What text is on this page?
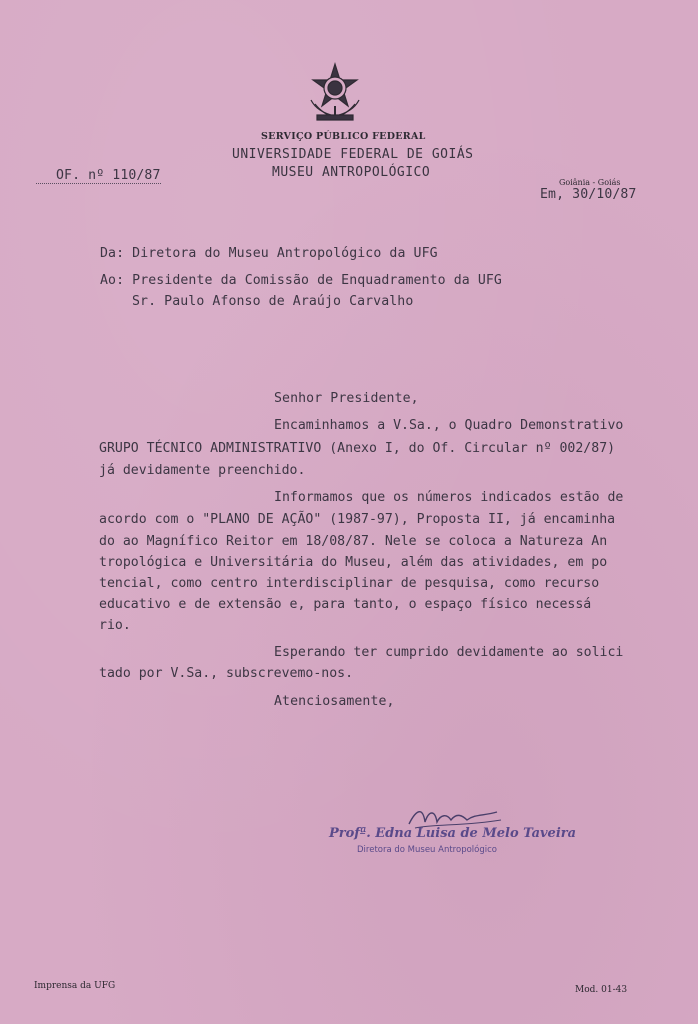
SERVIÇO PÚBLICO FEDERAL
UNIVERSIDADE FEDERAL DE GOIÁS
MUSEU ANTROPOLÓGICO
OF. nº 110/87	Goiânia - Goiás
Em, 30/10/87
Da: Diretora do Museu Antropológico da UFG
Ao: Presidente da Comissão de Enquadramento da UFG
Sr. Paulo Afonso de Araújo Carvalho
Senhor Presidente,
Encaminhamos a V.Sa., o Quadro Demonstrativo
GRUPO TÉCNICO ADMINISTRATIVO (Anexo I, do Of. Circular nº 002/87)
já devidamente preenchido.
Informamos que os números indicados estão de
acordo com o "PLANO DE AÇÃO" (1987-97), Proposta II, já encaminha
do ao Magnífico Reitor em 18/08/87. Nele se coloca a Natureza An
tropológica e Universitária do Museu, além das atividades, em po
tencial, como centro interdisciplinar de pesquisa, como recurso
educativo e de extensão e, para tanto, o espaço físico necessá
rio.
Esperando ter cumprido devidamente ao solici
tado por V.Sa., subscrevemo-nos.
Atenciosamente,
Profª. Edna Luisa de Melo Taveira
Diretora do Museu Antropológico
Imprensa da UFG	Mod. 01-43
